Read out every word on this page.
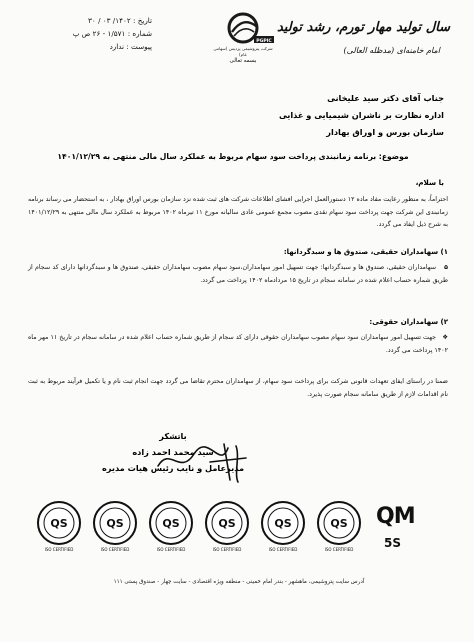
تاریخ : ۱۴۰۲/ ۰۳ / ۳۰
شماره : ۱/۵۷۱ - ۲۶ ص پ
پیوست : ندارد
PGPIC
شرکت پتروشیمی پردیس (سهامی عام)
بسمه تعالی
سال تولید مهار تورم، رشد تولید
امام خامنه‌ای (مدظله العالی)
جناب آقای دکتر سید علیخانی
اداره نظارت بر ناشران شیمیایی و غذایی
سازمان بورس و اوراق بهادار
موضوع: برنامه زمانبندی پرداخت سود سهام مربوط به عملکرد سال مالی منتهی به ۱۴۰۱/۱۲/۲۹
با سلام،
احتراماً، به منظور رعایت مفاد ماده ۱۲ دستورالعمل اجرایی افشای اطلاعات شرکت های ثبت شده نزد سازمان بورس اوراق بهادار ، به استحضار می رساند برنامه زمانبندی این شرکت جهت پرداخت سود سهام نقدی مصوب مجمع عمومی عادی سالیانه مورخ ۱۱ تیرماه ۱۴۰۲ مربوط به عملکرد سال مالی منتهی به ۱۴۰۱/۱۲/۲۹ به شرح ذیل ایفاد می گردد.
۱) سهامداران حقیقی، صندوق ها و سبدگردانها:
۵سهامداران حقیقی، صندوق ها و سبدگردانها: جهت تسهیل امور سهامداران،سود سهام مصوب سهامداران حقیقی، صندوق ها و سبدگردانها دارای کد سجام از طریق شماره حساب اعلام شده در سامانه سجام در تاریخ ۱۵ مردادماه ۱۴۰۲ پرداخت می گردد.
۲) سهامداران حقوقی:
❖جهت تسهیل امور سهامداران سود سهام مصوب سهامداران حقوقی دارای کد سجام از طریق شماره حساب اعلام شده در سامانه سجام در تاریخ ۱۱ مهر ماه ۱۴۰۲ پرداخت می گردد.
ضمنا در راستای ایفای تعهدات قانونی شرکت برای پرداخت سود سهام، از سهامداران محترم تقاضا می گردد جهت انجام ثبت نام و یا تکمیل فرآیند مربوط به ثبت نام اقدامات لازم از طریق سامانه سجام صورت پذیرد.
باتشکر
سید محمد احمد زاده
مدیرعامل و نایب رئیس هیات مدیره
QS
ISO CERTIFIED
QS
ISO CERTIFIED
QS
ISO CERTIFIED
QS
ISO CERTIFIED
QS
ISO CERTIFIED
QS
ISO CERTIFIED
QM
5S
آدرس سایت پتروشیمی، ماهشهر - بندر امام خمینی - منطقه ویژه اقتصادی - سایت چهار - صندوق پستی ۱۱۱
